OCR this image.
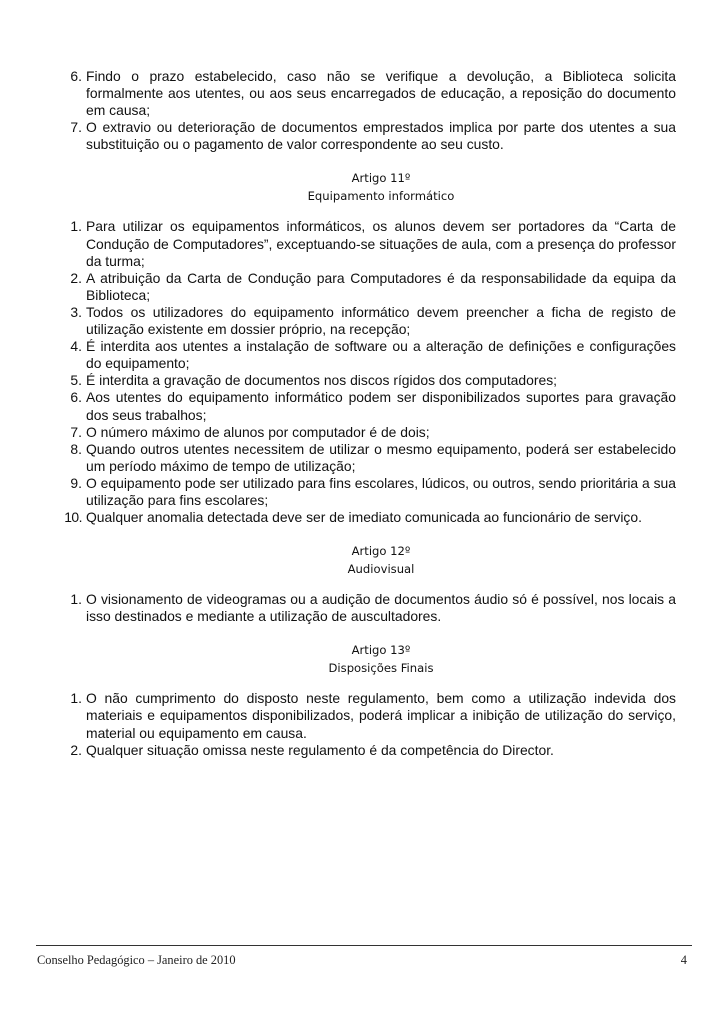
6. Findo o prazo estabelecido, caso não se verifique a devolução, a Biblioteca solicita formalmente aos utentes, ou aos seus encarregados de educação, a reposição do documento em causa;
7. O extravio ou deterioração de documentos emprestados implica por parte dos utentes a sua substituição ou o pagamento de valor correspondente ao seu custo.
Artigo 11º
Equipamento informático
1. Para utilizar os equipamentos informáticos, os alunos devem ser portadores da “Carta de Condução de Computadores”, exceptuando-se situações de aula, com a presença do professor da turma;
2. A atribuição da Carta de Condução para Computadores é da responsabilidade da equipa da Biblioteca;
3. Todos os utilizadores do equipamento informático devem preencher a ficha de registo de utilização existente em dossier próprio, na recepção;
4. É interdita aos utentes a instalação de software ou a alteração de definições e configurações do equipamento;
5. É interdita a gravação de documentos nos discos rígidos dos computadores;
6. Aos utentes do equipamento informático podem ser disponibilizados suportes para gravação dos seus trabalhos;
7. O número máximo de alunos por computador é de dois;
8. Quando outros utentes necessitem de utilizar o mesmo equipamento, poderá ser estabelecido um período máximo de tempo de utilização;
9. O equipamento pode ser utilizado para fins escolares, lúdicos, ou outros, sendo prioritária a sua utilização para fins escolares;
10. Qualquer anomalia detectada deve ser de imediato comunicada ao funcionário de serviço.
Artigo 12º
Audiovisual
1. O visionamento de videogramas ou a audição de documentos áudio só é possível, nos locais a isso destinados e mediante a utilização de auscultadores.
Artigo 13º
Disposições Finais
1. O não cumprimento do disposto neste regulamento, bem como a utilização indevida dos materiais e equipamentos disponibilizados, poderá implicar a inibição de utilização do serviço, material ou equipamento em causa.
2. Qualquer situação omissa neste regulamento é da competência do Director.
Conselho Pedagógico – Janeiro de 2010	4
